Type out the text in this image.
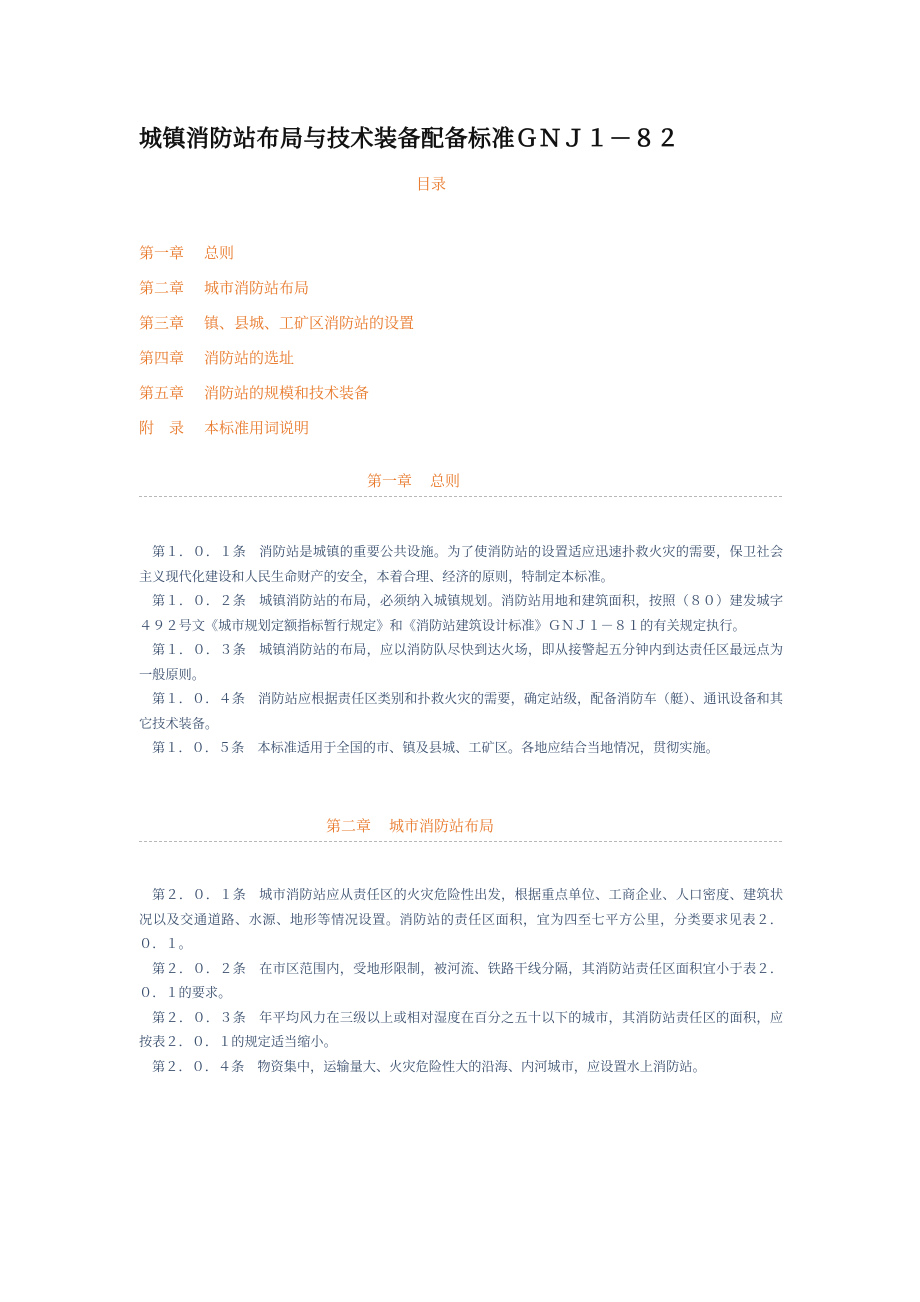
城镇消防站布局与技术装备配备标准ＧＮＪ１－８２
目录
第一章 总则
第二章 城市消防站布局
第三章 镇、县城、工矿区消防站的设置
第四章 消防站的选址
第五章 消防站的规模和技术装备
附　录 本标准用词说明
第一章 总则

第１．０．１条 消防站是城镇的重要公共设施。为了使消防站的设置适应迅速扑救火灾的需要，保卫社会主义现代化建设和人民生命财产的安全，本着合理、经济的原则，特制定本标准。

第１．０．２条 城镇消防站的布局，必须纳入城镇规划。消防站用地和建筑面积，按照（８０）建发城字４９２号文《城市规划定额指标暂行规定》和《消防站建筑设计标准》ＧＮＪ１－８１的有关规定执行。

第１．０．３条 城镇消防站的布局，应以消防队尽快到达火场，即从接警起五分钟内到达责任区最远点为一般原则。

第１．０．４条 消防站应根据责任区类别和扑救火灾的需要，确定站级，配备消防车（艇）、通讯设备和其它技术装备。

第１．０．５条 本标准适用于全国的市、镇及县城、工矿区。各地应结合当地情况，贯彻实施。

第二章 城市消防站布局

第２．０．１条 城市消防站应从责任区的火灾危险性出发，根据重点单位、工商企业、人口密度、建筑状况以及交通道路、水源、地形等情况设置。消防站的责任区面积，宜为四至七平方公里，分类要求见表２．０．１。

第２．０．２条 在市区范围内，受地形限制，被河流、铁路干线分隔，其消防站责任区面积宜小于表２．０．１的要求。

第２．０．３条 年平均风力在三级以上或相对湿度在百分之五十以下的城市，其消防站责任区的面积，应按表２．０．１的规定适当缩小。

第２．０．４条 物资集中，运输量大、火灾危险性大的沿海、内河城市，应设置水上消防站。
